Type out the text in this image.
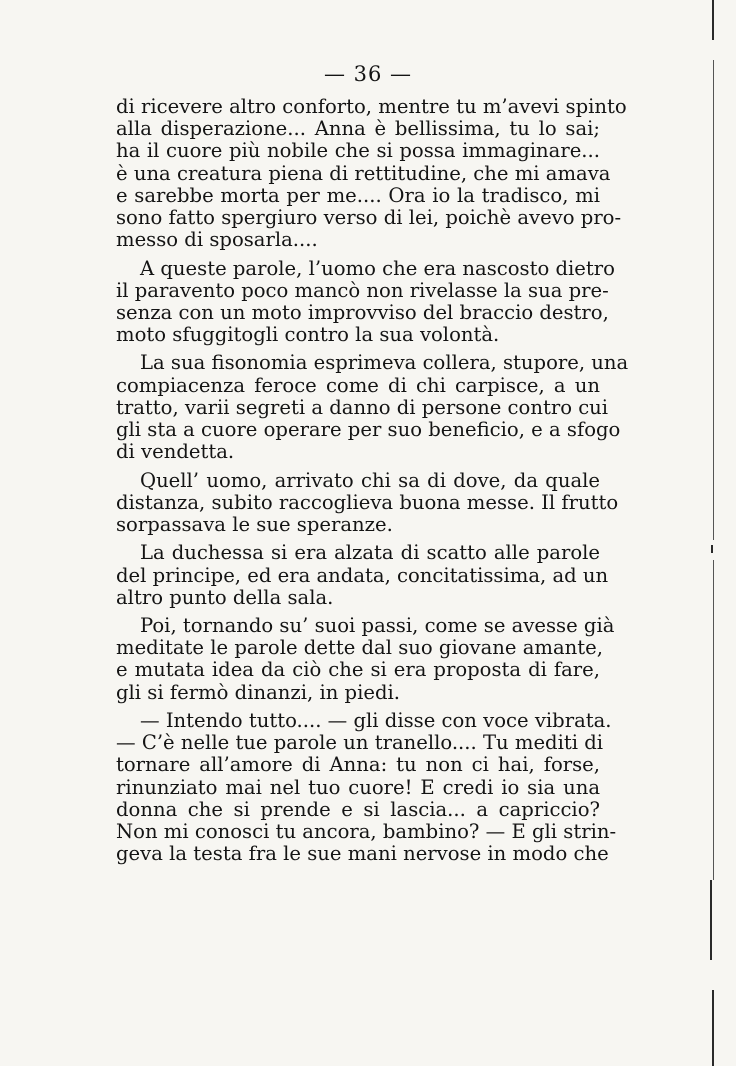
— 36 —

di ricevere altro conforto, mentre tu m’avevi spinto
alla disperazione... Anna è bellissima, tu lo sai;
ha il cuore più nobile che si possa immaginare...
è una creatura piena di rettitudine, che mi amava
e sarebbe morta per me.... Ora io la tradisco, mi
sono fatto spergiuro verso di lei, poichè avevo pro-
messo di sposarla....
A queste parole, l’uomo che era nascosto dietro
il paravento poco mancò non rivelasse la sua pre-
senza con un moto improvviso del braccio destro,
moto sfuggitogli contro la sua volontà.
La sua fisonomia esprimeva collera, stupore, una
compiacenza feroce come di chi carpisce, a un
tratto, varii segreti a danno di persone contro cui
gli sta a cuore operare per suo beneficio, e a sfogo
di vendetta.
Quell’ uomo, arrivato chi sa di dove, da quale
distanza, subito raccoglieva buona messe. Il frutto
sorpassava le sue speranze.
La duchessa si era alzata di scatto alle parole
del principe, ed era andata, concitatissima, ad un
altro punto della sala.
Poi, tornando su’ suoi passi, come se avesse già
meditate le parole dette dal suo giovane amante,
e mutata idea da ciò che si era proposta di fare,
gli si fermò dinanzi, in piedi.
— Intendo tutto.... — gli disse con voce vibrata.
— C’è nelle tue parole un tranello.... Tu mediti di
tornare all’amore di Anna: tu non ci hai, forse,
rinunziato mai nel tuo cuore! E credi io sia una
donna che si prende e si lascia... a capriccio?
Non mi conosci tu ancora, bambino? — E gli strin-
geva la testa fra le sue mani nervose in modo che
